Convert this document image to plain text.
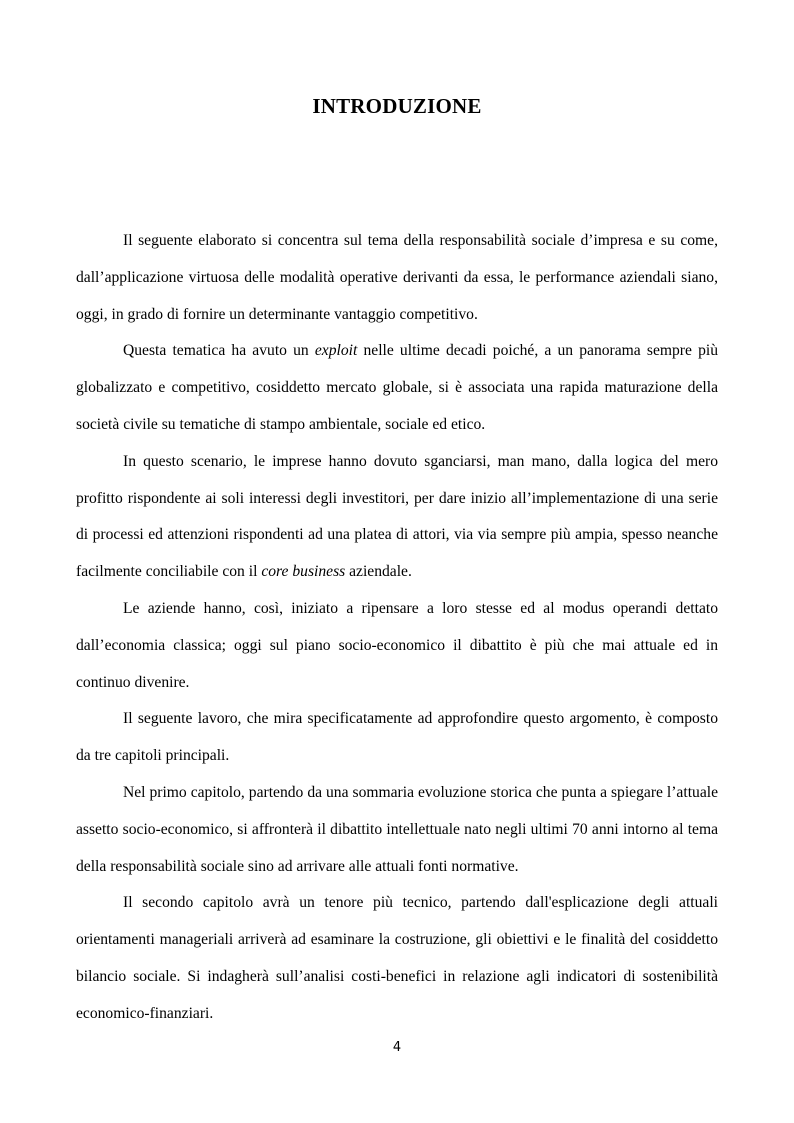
INTRODUZIONE

Il seguente elaborato si concentra sul tema della responsabilità sociale d’impresa e su come, dall’applicazione virtuosa delle modalità operative derivanti da essa, le performance aziendali siano, oggi, in grado di fornire un determinante vantaggio competitivo.

Questa tematica ha avuto un exploit nelle ultime decadi poiché, a un panorama sempre più globalizzato e competitivo, cosiddetto mercato globale, si è associata una rapida maturazione della società civile su tematiche di stampo ambientale, sociale ed etico.

In questo scenario, le imprese hanno dovuto sganciarsi, man mano, dalla logica del mero profitto rispondente ai soli interessi degli investitori, per dare inizio all’implementazione di una serie di processi ed attenzioni rispondenti ad una platea di attori, via via sempre più ampia, spesso neanche facilmente conciliabile con il core business aziendale.

Le aziende hanno, così, iniziato a ripensare a loro stesse ed al modus operandi dettato dall’economia classica; oggi sul piano socio-economico il dibattito è più che mai attuale ed in continuo divenire.

Il seguente lavoro, che mira specificatamente ad approfondire questo argomento, è composto da tre capitoli principali.

Nel primo capitolo, partendo da una sommaria evoluzione storica che punta a spiegare l’attuale assetto socio-economico, si affronterà il dibattito intellettuale nato negli ultimi 70 anni intorno al tema della responsabilità sociale sino ad arrivare alle attuali fonti normative.

Il secondo capitolo avrà un tenore più tecnico, partendo dall'esplicazione degli attuali orientamenti manageriali arriverà ad esaminare la costruzione, gli obiettivi e le finalità del cosiddetto bilancio sociale. Si indagherà sull’analisi costi-benefici in relazione agli indicatori di sostenibilità economico-finanziari.

4
